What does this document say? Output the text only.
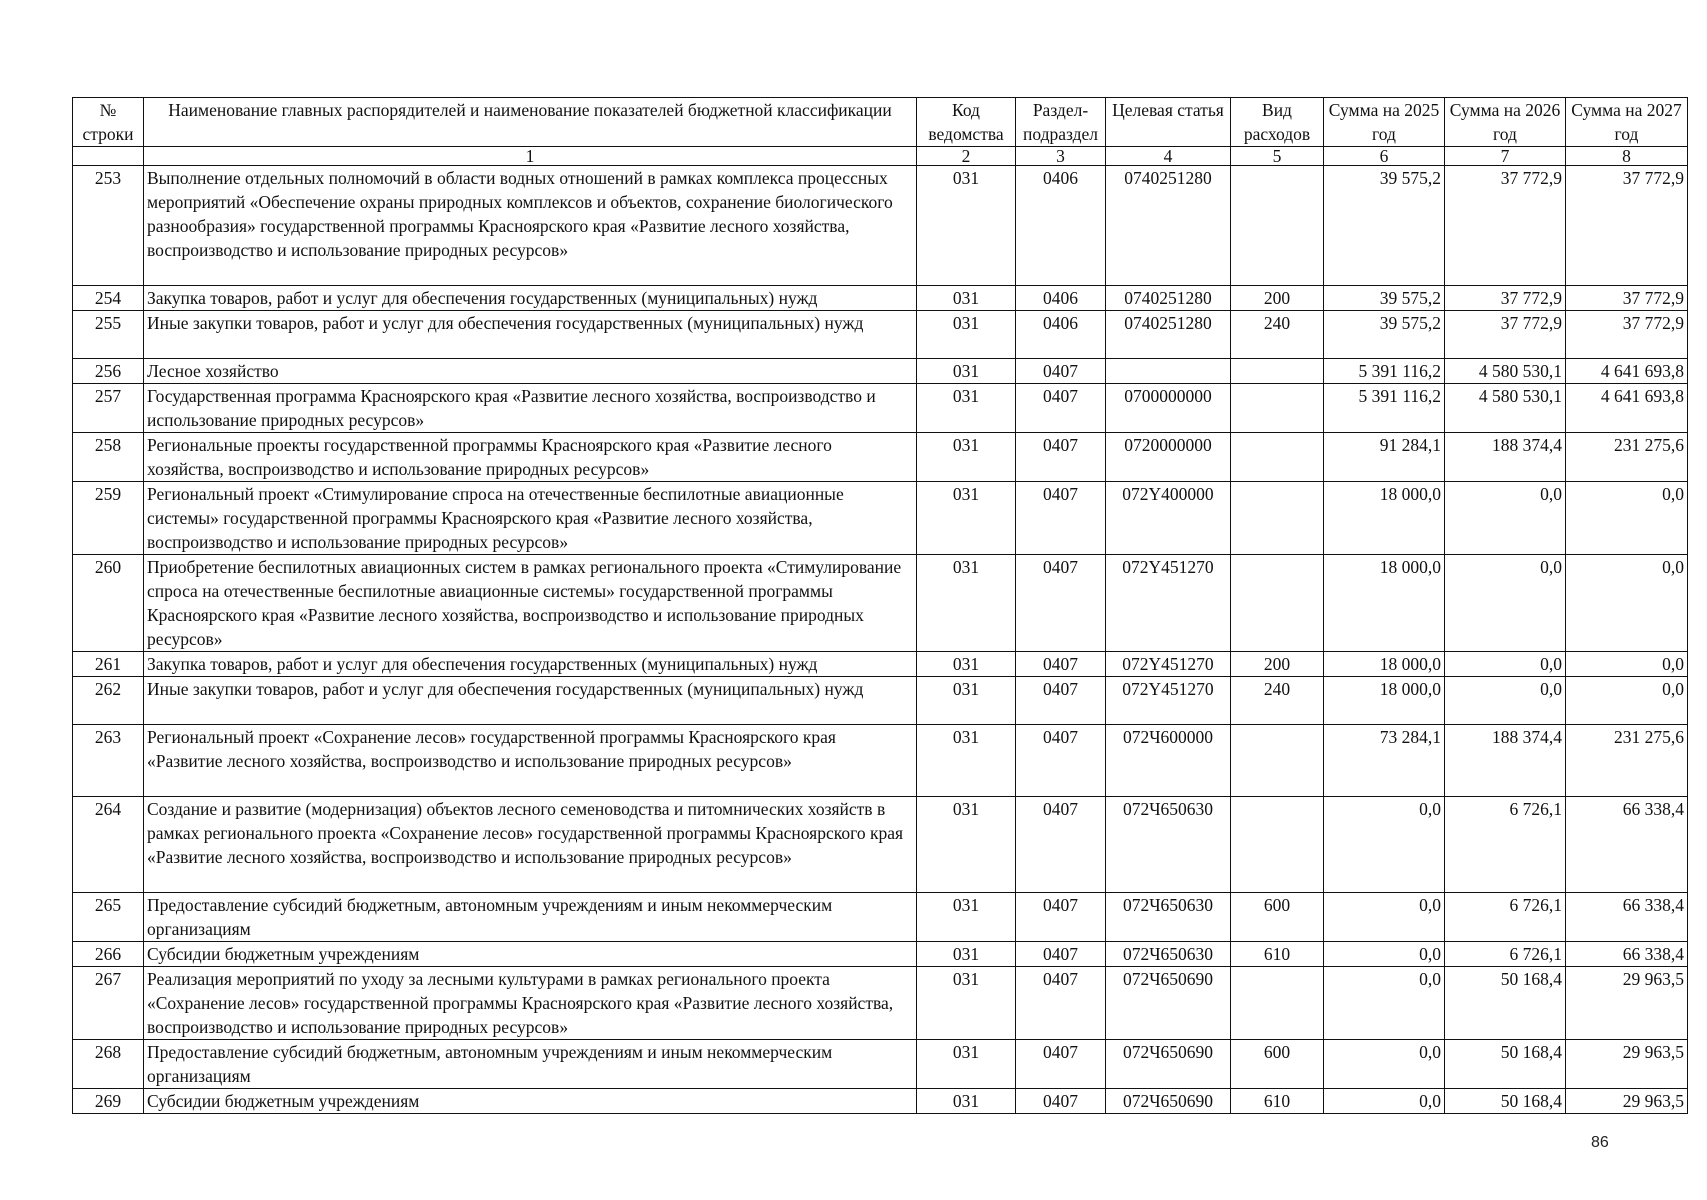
№ строки	Наименование главных распорядителей и наименование показателей бюджетной классификации	Код ведомства	Раздел-подраздел	Целевая статья	Вид расходов	Сумма на 2025 год	Сумма на 2026 год	Сумма на 2027 год
	1	2	3	4	5	6	7	8
253	Выполнение отдельных полномочий в области водных отношений в рамках комплекса процессных мероприятий «Обеспечение охраны природных комплексов и объектов, сохранение биологического разнообразия» государственной программы Красноярского края «Развитие лесного хозяйства, воспроизводство и использование природных ресурсов»	031	0406	0740251280		39 575,2	37 772,9	37 772,9
254	Закупка товаров, работ и услуг для обеспечения государственных (муниципальных) нужд	031	0406	0740251280	200	39 575,2	37 772,9	37 772,9
255	Иные закупки товаров, работ и услуг для обеспечения государственных (муниципальных) нужд	031	0406	0740251280	240	39 575,2	37 772,9	37 772,9
256	Лесное хозяйство	031	0407			5 391 116,2	4 580 530,1	4 641 693,8
257	Государственная программа Красноярского края «Развитие лесного хозяйства, воспроизводство и использование природных ресурсов»	031	0407	0700000000		5 391 116,2	4 580 530,1	4 641 693,8
258	Региональные проекты государственной программы Красноярского края «Развитие лесного хозяйства, воспроизводство и использование природных ресурсов»	031	0407	0720000000		91 284,1	188 374,4	231 275,6
259	Региональный проект «Стимулирование спроса на отечественные беспилотные авиационные системы» государственной программы Красноярского края «Развитие лесного хозяйства, воспроизводство и использование природных ресурсов»	031	0407	072Y400000		18 000,0	0,0	0,0
260	Приобретение беспилотных авиационных систем в рамках регионального проекта «Стимулирование спроса на отечественные беспилотные авиационные системы» государственной программы Красноярского края «Развитие лесного хозяйства, воспроизводство и использование природных ресурсов»	031	0407	072Y451270		18 000,0	0,0	0,0
261	Закупка товаров, работ и услуг для обеспечения государственных (муниципальных) нужд	031	0407	072Y451270	200	18 000,0	0,0	0,0
262	Иные закупки товаров, работ и услуг для обеспечения государственных (муниципальных) нужд	031	0407	072Y451270	240	18 000,0	0,0	0,0
263	Региональный проект «Сохранение лесов» государственной программы Красноярского края «Развитие лесного хозяйства, воспроизводство и использование природных ресурсов»	031	0407	072Ч600000		73 284,1	188 374,4	231 275,6
264	Создание и развитие (модернизация) объектов лесного семеноводства и питомнических хозяйств в рамках регионального проекта «Сохранение лесов» государственной программы Красноярского края «Развитие лесного хозяйства, воспроизводство и использование природных ресурсов»	031	0407	072Ч650630		0,0	6 726,1	66 338,4
265	Предоставление субсидий бюджетным, автономным учреждениям и иным некоммерческим организациям	031	0407	072Ч650630	600	0,0	6 726,1	66 338,4
266	Субсидии бюджетным учреждениям	031	0407	072Ч650630	610	0,0	6 726,1	66 338,4
267	Реализация мероприятий по уходу за лесными культурами в рамках регионального проекта «Сохранение лесов» государственной программы Красноярского края «Развитие лесного хозяйства, воспроизводство и использование природных ресурсов»	031	0407	072Ч650690		0,0	50 168,4	29 963,5
268	Предоставление субсидий бюджетным, автономным учреждениям и иным некоммерческим организациям	031	0407	072Ч650690	600	0,0	50 168,4	29 963,5
269	Субсидии бюджетным учреждениям	031	0407	072Ч650690	610	0,0	50 168,4	29 963,5
86
